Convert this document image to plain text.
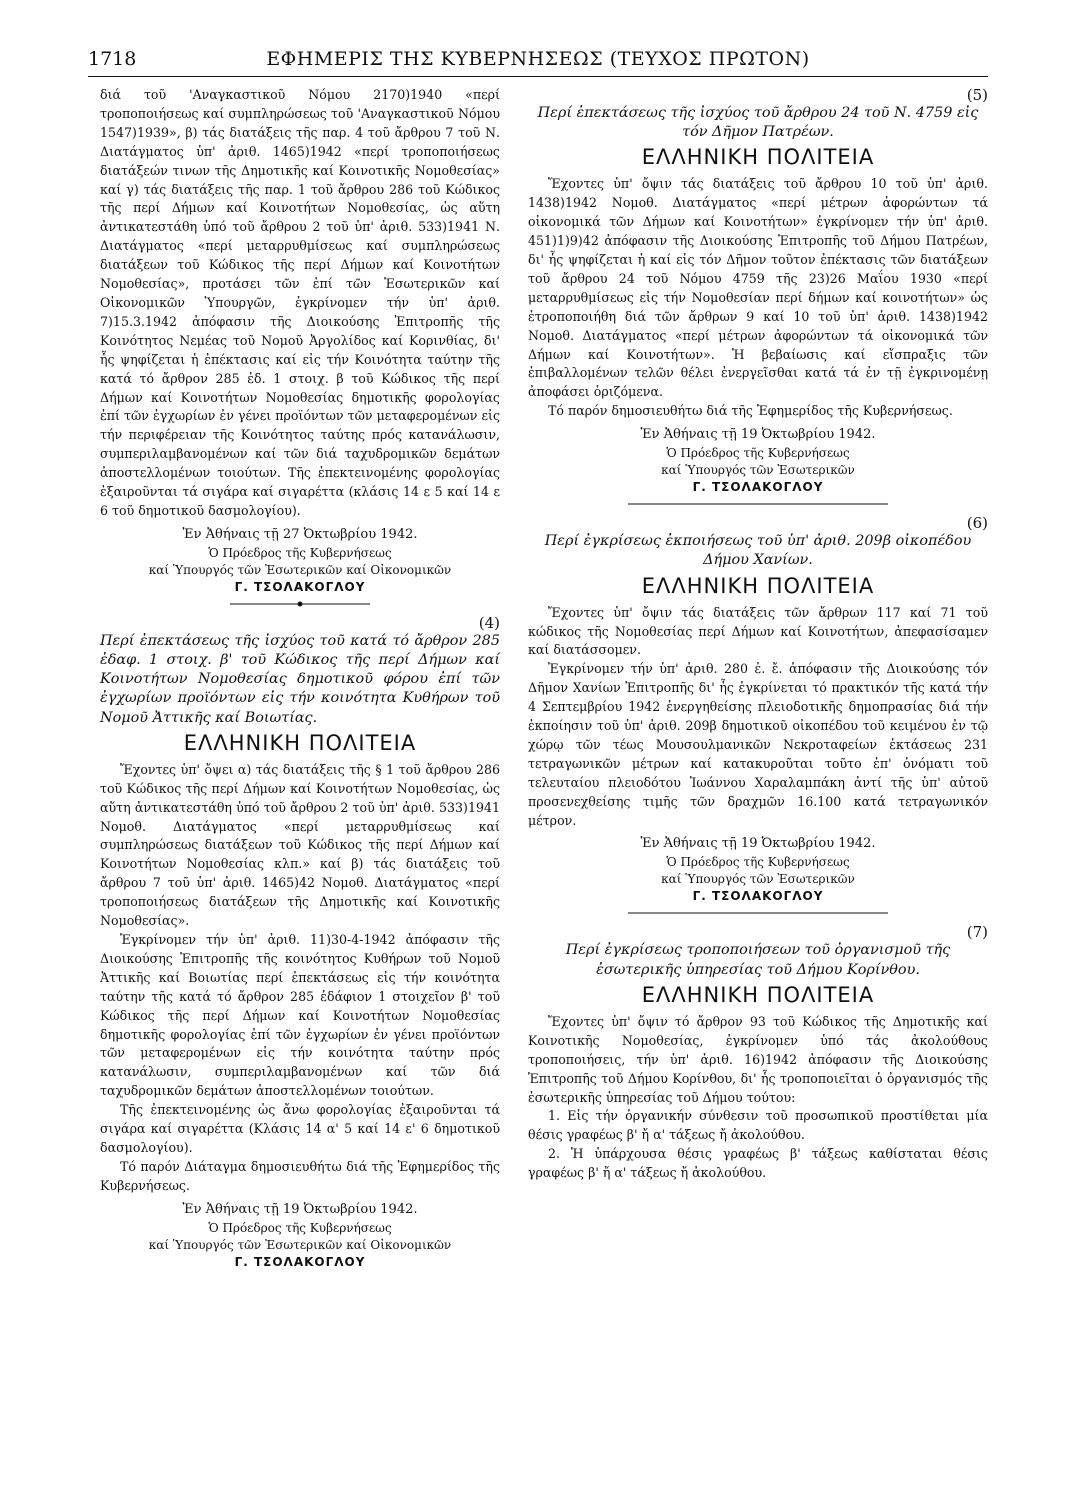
1718	ΕΦΗΜΕΡΙΣ ΤΗΣ ΚΥΒΕΡΝΗΣΕΩΣ (ΤΕΥΧΟΣ ΠΡΩΤΟΝ)

διά τοῦ 'Αναγκαστικοῦ Νόμου 2170)1940 «περί τροποποιήσεως καί συμπληρώσεως τοῦ 'Αναγκαστικοῦ Νόμου 1547)1939», β) τάς διατάξεις τῆς παρ. 4 τοῦ ἄρθρου 7 τοῦ Ν. Διατάγματος ὑπ' ἀριθ. 1465)1942 «περί τροποποιήσεως διατάξεών τινων τῆς Δημοτικῆς καί Κοινοτικῆς Νομοθεσίας» καί γ) τάς διατάξεις τῆς παρ. 1 τοῦ ἄρθρου 286 τοῦ Κώδικος τῆς περί Δήμων καί Κοινοτήτων Νομοθεσίας, ὡς αὕτη ἀντικατεστάθη ὑπό τοῦ ἄρθρου 2 τοῦ ὑπ' ἀριθ. 533)1941 Ν. Διατάγματος «περί μεταρρυθμίσεως καί συμπληρώσεως διατάξεων τοῦ Κώδικος τῆς περί Δήμων καί Κοινοτήτων Νομοθεσίας», προτάσει τῶν ἐπί τῶν Ἐσωτερικῶν καί Οἰκονομικῶν Ὑπουργῶν, ἐγκρίνομεν τήν ὑπ' ἀριθ. 7)15.3.1942 ἀπόφασιν τῆς Διοικούσης Ἐπιτροπῆς τῆς Κοινότητος Νεμέας τοῦ Νομοῦ Ἀργολίδος καί Κορινθίας, δι' ἧς ψηφίζεται ἡ ἐπέκτασις καί εἰς τήν Κοινότητα ταύτην τῆς κατά τό ἄρθρον 285 ἐδ. 1 στοιχ. β τοῦ Κώδικος τῆς περί Δήμων καί Κοινοτήτων Νομοθεσίας δημοτικῆς φορολογίας ἐπί τῶν ἐγχωρίων ἐν γένει προϊόντων τῶν μεταφερομένων εἰς τήν περιφέρειαν τῆς Κοινότητος ταύτης πρός κατανάλωσιν, συμπεριλαμβανομένων καί τῶν διά ταχυδρομικῶν δεμάτων ἀποστελλομένων τοιούτων. Τῆς ἐπεκτεινομένης φορολογίας ἐξαιροῦνται τά σιγάρα καί σιγαρέττα (κλάσις 14 ε 5 καί 14 ε 6 τοῦ δημοτικοῦ δασμολογίου).

Ἐν Ἀθήναις τῇ 27 Ὀκτωβρίου 1942.
Ὁ Πρόεδρος τῆς Κυβερνήσεως
καί Ὑπουργός τῶν Ἐσωτερικῶν καί Οἰκονομικῶν
Γ. ΤΣΟΛΑΚΟΓΛΟΥ
(4)
Περί ἐπεκτάσεως τῆς ἰσχύος τοῦ κατά τό ἄρθρον 285 ἐδαφ. 1 στοιχ. β' τοῦ Κώδικος τῆς περί Δήμων καί Κοινοτήτων Νομοθεσίας δημοτικοῦ φόρου ἐπί τῶν ἐγχωρίων προϊόντων εἰς τήν κοινότητα Κυθήρων τοῦ Νομοῦ Ἀττικῆς καί Βοιωτίας.
ΕΛΛΗΝΙΚΗ ΠΟΛΙΤΕΙΑ

Ἔχοντες ὑπ' ὄψει α) τάς διατάξεις τῆς § 1 τοῦ ἄρθρου 286 τοῦ Κώδικος τῆς περί Δήμων καί Κοινοτήτων Νομοθεσίας, ὡς αὕτη ἀντικατεστάθη ὑπό τοῦ ἄρθρου 2 τοῦ ὑπ' ἀριθ. 533)1941 Νομοθ. Διατάγματος «περί μεταρρυθμίσεως καί συμπληρώσεως διατάξεων τοῦ Κώδικος τῆς περί Δήμων καί Κοινοτήτων Νομοθεσίας κλπ.» καί β) τάς διατάξεις τοῦ ἄρθρου 7 τοῦ ὑπ' ἀριθ. 1465)42 Νομοθ. Διατάγματος «περί τροποποιήσεως διατάξεων τῆς Δημοτικῆς καί Κοινοτικῆς Νομοθεσίας».

Ἐγκρίνομεν τήν ὑπ' ἀριθ. 11)30-4-1942 ἀπόφασιν τῆς Διοικούσης Ἐπιτροπῆς τῆς κοινότητος Κυθήρων τοῦ Νομοῦ Ἀττικῆς καί Βοιωτίας περί ἐπεκτάσεως εἰς τήν κοινότητα ταύτην τῆς κατά τό ἄρθρον 285 ἐδάφιον 1 στοιχεῖον β' τοῦ Κώδικος τῆς περί Δήμων καί Κοινοτήτων Νομοθεσίας δημοτικῆς φορολογίας ἐπί τῶν ἐγχωρίων ἐν γένει προϊόντων τῶν μεταφερομένων εἰς τήν κοινότητα ταύτην πρός κατανάλωσιν, συμπεριλαμβανομένων καί τῶν διά ταχυδρομικῶν δεμάτων ἀποστελλομένων τοιούτων.

Τῆς ἐπεκτεινομένης ὡς ἄνω φορολογίας ἐξαιροῦνται τά σιγάρα καί σιγαρέττα (Κλάσις 14 α' 5 καί 14 ε' 6 δημοτικοῦ δασμολογίου).

Τό παρόν Διάταγμα δημοσιευθήτω διά τῆς Ἐφημερίδος τῆς Κυβερνήσεως.

Ἐν Ἀθήναις τῇ 19 Ὀκτωβρίου 1942.
Ὁ Πρόεδρος τῆς Κυβερνήσεως
καί Ὑπουργός τῶν Ἐσωτερικῶν καί Οἰκονομικῶν
Γ. ΤΣΟΛΑΚΟΓΛΟΥ
(5)
Περί ἐπεκτάσεως τῆς ἰσχύος τοῦ ἄρθρου 24 τοῦ Ν. 4759 εἰς τόν Δῆμον Πατρέων.
ΕΛΛΗΝΙΚΗ ΠΟΛΙΤΕΙΑ

Ἔχοντες ὑπ' ὄψιν τάς διατάξεις τοῦ ἄρθρου 10 τοῦ ὑπ' ἀριθ. 1438)1942 Νομοθ. Διατάγματος «περί μέτρων ἀφορώντων τά οἰκονομικά τῶν Δήμων καί Κοινοτήτων» ἐγκρίνομεν τήν ὑπ' ἀριθ. 451)1)9)42 ἀπόφασιν τῆς Διοικούσης Ἐπιτροπῆς τοῦ Δήμου Πατρέων, δι' ἧς ψηφίζεται ἡ καί εἰς τόν Δῆμον τοῦτον ἐπέκτασις τῶν διατάξεων τοῦ ἄρθρου 24 τοῦ Νόμου 4759 τῆς 23)26 Μαΐου 1930 «περί μεταρρυθμίσεως εἰς τήν Νομοθεσίαν περί δήμων καί κοινοτήτων» ὡς ἐτροποποιήθη διά τῶν ἄρθρων 9 καί 10 τοῦ ὑπ' ἀριθ. 1438)1942 Νομοθ. Διατάγματος «περί μέτρων ἀφορώντων τά οἰκονομικά τῶν Δήμων καί Κοινοτήτων». Ἡ βεβαίωσις καί εἴσπραξις τῶν ἐπιβαλλομένων τελῶν θέλει ἐνεργεῖσθαι κατά τά ἐν τῇ ἐγκρινομένῃ ἀποφάσει ὁριζόμενα.

Τό παρόν δημοσιευθήτω διά τῆς Ἐφημερίδος τῆς Κυβερνήσεως.

Ἐν Ἀθήναις τῇ 19 Ὀκτωβρίου 1942.
Ὁ Πρόεδρος τῆς Κυβερνήσεως
καί Ὑπουργός τῶν Ἐσωτερικῶν
Γ. ΤΣΟΛΑΚΟΓΛΟΥ
(6)
Περί ἐγκρίσεως ἐκποιήσεως τοῦ ὑπ' ἀριθ. 209β οἰκοπέδου Δήμου Χανίων.
ΕΛΛΗΝΙΚΗ ΠΟΛΙΤΕΙΑ

Ἔχοντες ὑπ' ὄψιν τάς διατάξεις τῶν ἄρθρων 117 καί 71 τοῦ κώδικος τῆς Νομοθεσίας περί Δήμων καί Κοινοτήτων, ἀπεφασίσαμεν καί διατάσσομεν.

Ἐγκρίνομεν τήν ὑπ' ἀριθ. 280 ἐ. ἔ. ἀπόφασιν τῆς Διοικούσης τόν Δῆμον Χανίων Ἐπιτροπῆς δι' ἧς ἐγκρίνεται τό πρακτικόν τῆς κατά τήν 4 Σεπτεμβρίου 1942 ἐνεργηθείσης πλειοδοτικῆς δημοπρασίας διά τήν ἐκποίησιν τοῦ ὑπ' ἀριθ. 209β δημοτικοῦ οἰκοπέδου τοῦ κειμένου ἐν τῷ χώρῳ τῶν τέως Μουσουλμανικῶν Νεκροταφείων ἐκτάσεως 231 τετραγωνικῶν μέτρων καί κατακυροῦται τοῦτο ἐπ' ὀνόματι τοῦ τελευταίου πλειοδότου Ἰωάννου Χαραλαμπάκη ἀντί τῆς ὑπ' αὐτοῦ προσενεχθείσης τιμῆς τῶν δραχμῶν 16.100 κατά τετραγωνικόν μέτρον.

Ἐν Ἀθήναις τῇ 19 Ὀκτωβρίου 1942.
Ὁ Πρόεδρος τῆς Κυβερνήσεως
καί Ὑπουργός τῶν Ἐσωτερικῶν
Γ. ΤΣΟΛΑΚΟΓΛΟΥ
(7)
Περί ἐγκρίσεως τροποποιήσεων τοῦ ὀργανισμοῦ τῆς ἐσωτερικῆς ὑπηρεσίας τοῦ Δήμου Κορίνθου.
ΕΛΛΗΝΙΚΗ ΠΟΛΙΤΕΙΑ

Ἔχοντες ὑπ' ὄψιν τό ἄρθρον 93 τοῦ Κώδικος τῆς Δημοτικῆς καί Κοινοτικῆς Νομοθεσίας, ἐγκρίνομεν ὑπό τάς ἀκολούθους τροποποιήσεις, τήν ὑπ' ἀριθ. 16)1942 ἀπόφασιν τῆς Διοικούσης Ἐπιτροπῆς τοῦ Δήμου Κορίνθου, δι' ἧς τροποποιεῖται ὁ ὀργανισμός τῆς ἐσωτερικῆς ὑπηρεσίας τοῦ Δήμου τούτου:

1. Εἰς τήν ὀργανικήν σύνθεσιν τοῦ προσωπικοῦ προστίθεται μία θέσις γραφέως β' ἤ α' τάξεως ἤ ἀκολούθου.

2. Ἡ ὑπάρχουσα θέσις γραφέως β' τάξεως καθίσταται θέσις γραφέως β' ἤ α' τάξεως ἤ ἀκολούθου.
